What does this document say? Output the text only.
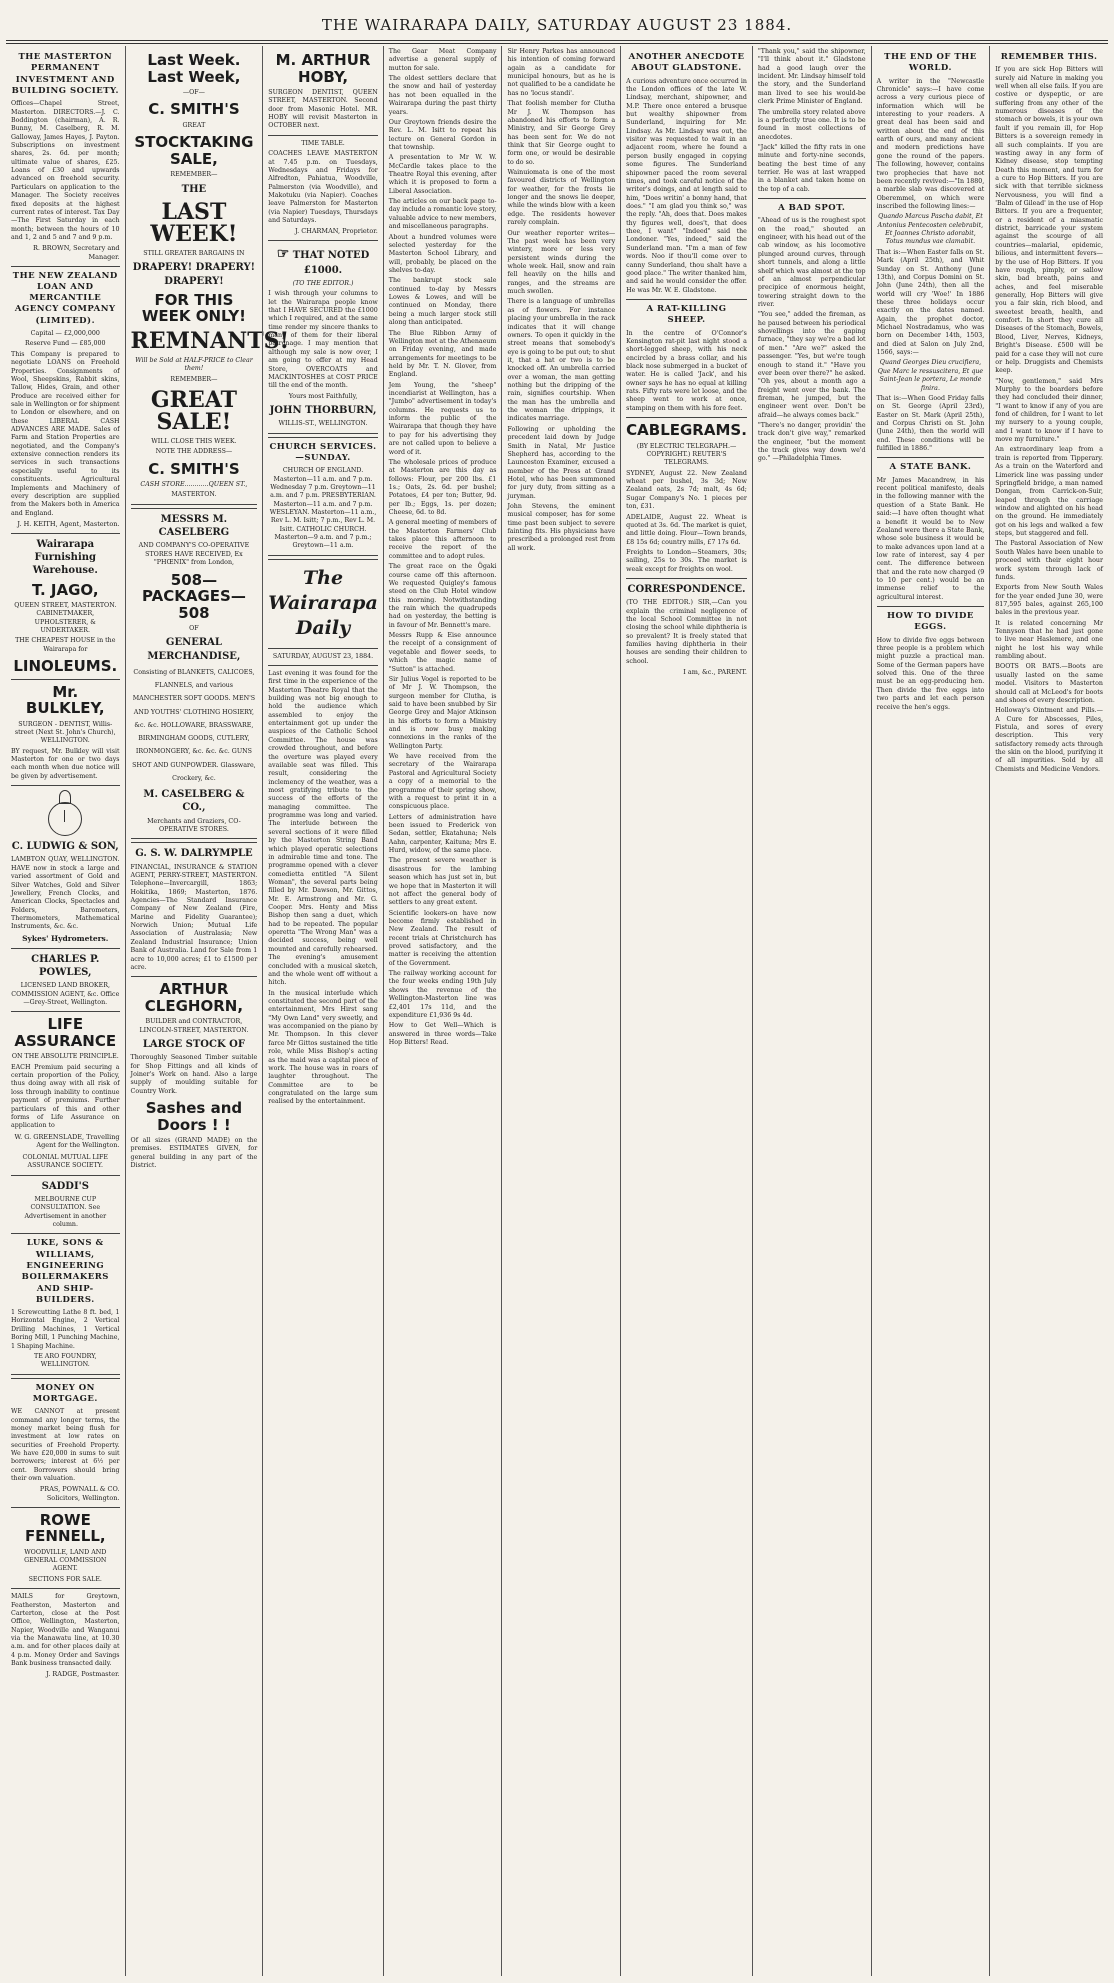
THE WAIRARAPA DAILY, SATURDAY AUGUST 23 1884.
THE MASTERTON PERMANENT INVESTMENT AND BUILDING SOCIETY.

Offices—Chapel Street, Masterton. DIRECTORS.—J. C. Boddington (chairman), A. R. Bunny, M. Caselberg, R. M. Galloway, James Hayes, J. Payton. Subscriptions on investment shares, 2s. 6d. per month; ultimate value of shares, £25. Loans of £30 and upwards advanced on freehold security. Particulars on application to the Manager. The Society receives fixed deposits at the highest current rates of interest. Tax Day—The First Saturday in each month; between the hours of 10 and 1, 2 and 5 and 7 and 9 p.m.

R. BROWN, Secretary and Manager.
THE NEW ZEALAND LOAN AND MERCANTILE AGENCY COMPANY (LIMITED).
Capital — £2,000,000
Reserve Fund — £85,000

This Company is prepared to negotiate LOANS on Freehold Properties. Consignments of Wool, Sheepskins, Rabbit skins, Tallow, Hides, Grain, and other Produce are received either for sale in Wellington or for shipment to London or elsewhere, and on these LIBERAL CASH ADVANCES ARE MADE. Sales of Farm and Station Properties are negotiated, and the Company's extensive connection renders its services in such transactions especially useful to its constituents. Agricultural Implements and Machinery of every description are supplied from the Makers both in America and England.

J. H. KEITH, Agent, Masterton.
Wairarapa Furnishing Warehouse.
T. JAGO,
QUEEN STREET, MASTERTON. CABINETMAKER, UPHOLSTERER, & UNDERTAKER.
THE CHEAPEST HOUSE in the Wairarapa for
LINOLEUMS.
Mr. BULKLEY,
SURGEON - DENTIST, Willis-street (Next St. John's Church), WELLINGTON.

BY request, Mr. Bulkley will visit Masterton for one or two days each month when due notice will be given by advertisement.

C. LUDWIG & SON,

LAMBTON QUAY, WELLINGTON. HAVE now in stock a large and varied assortment of Gold and Silver Watches, Gold and Silver Jewellery, French Clocks, and American Clocks, Spectacles and Folders, Barometers, Thermometers, Mathematical Instruments, &c. &c.

Sykes' Hydrometers.
CHARLES P. POWLES,
LICENSED LAND BROKER, COMMISSION AGENT, &c. Office—Grey-Street, Wellington.
LIFE ASSURANCE
ON THE ABSOLUTE PRINCIPLE.

EACH Premium paid securing a certain proportion of the Policy, thus doing away with all risk of loss through inability to continue payment of premiums. Further particulars of this and other forms of Life Assurance on application to

W. G. GREENSLADE, Travelling Agent for the Wellington.
COLONIAL MUTUAL LIFE ASSURANCE SOCIETY.
SADDI'S
MELBOURNE CUP CONSULTATION. See Advertisement in another column.
LUKE, SONS & WILLIAMS, ENGINEERING BOILERMAKERS AND SHIP-BUILDERS.

1 Screwcutting Lathe 8 ft. bed, 1 Horizontal Engine, 2 Vertical Drilling Machines, 1 Vertical Boring Mill, 1 Punching Machine, 1 Shaping Machine.

TE ARO FOUNDRY, WELLINGTON.
MONEY ON MORTGAGE.

WE CANNOT at present command any longer terms, the money market being flush for investment at low rates on securities of Freehold Property. We have £20,000 in sums to suit borrowers; interest at 6½ per cent. Borrowers should bring their own valuation.

PRAS, POWNALL & CO. Solicitors, Wellington.
ROWE FENNELL,
WOODVILLE, LAND AND GENERAL COMMISSION AGENT.
SECTIONS FOR SALE.

MAILS for Greytown, Featherston, Masterton and Carterton, close at the Post Office, Wellington, Masterton, Napier, Woodville and Wanganui via the Manawatu line, at 10.30 a.m. and for other places daily at 4 p.m. Money Order and Savings Bank business transacted daily.

J. RADGE, Postmaster.
Last Week. Last Week,
—OF—
C. SMITH'S
GREAT
STOCKTAKING SALE,
REMEMBER—
THE
LAST WEEK!
STILL GREATER BARGAINS IN
DRAPERY! DRAPERY! DRAPERY!
FOR THIS WEEK ONLY!
REMNANTS!
Will be Sold at HALF-PRICE to Clear them!
REMEMBER—
GREAT SALE!
WILL CLOSE THIS WEEK.
NOTE THE ADDRESS—
C. SMITH'S
CASH STORE............QUEEN ST.,
MASTERTON.
MESSRS M. CASELBERG
AND COMPANY'S CO-OPERATIVE STORES HAVE RECEIVED, Ex "PHŒNIX" from London,
508—PACKAGES—508
OF
GENERAL MERCHANDISE,
Consisting of BLANKETS, CALICOES, FLANNELS, and various MANCHESTER SOFT GOODS. MEN'S AND YOUTHS' CLOTHING HOSIERY, &c. &c. HOLLOWARE, BRASSWARE, BIRMINGHAM GOODS, CUTLERY, IRONMONGERY, &c. &c. &c. GUNS SHOT AND GUNPOWDER. Glassware, Crockery, &c.
M. CASELBERG & CO.,
Merchants and Graziers, CO-OPERATIVE STORES.
G. S. W. DALRYMPLE

FINANCIAL, INSURANCE & STATION AGENT, PERRY-STREET, MASTERTON. Telephone—Invercargill, 1863; Hokitika, 1869; Masterton, 1876. Agencies—The Standard Insurance Company of New Zealand (Fire, Marine and Fidelity Guarantee); Norwich Union; Mutual Life Association of Australasia; New Zealand Industrial Insurance; Union Bank of Australia. Land for Sale from 1 acre to 10,000 acres; £1 to £1500 per acre.

ARTHUR CLEGHORN,
BUILDER and CONTRACTOR, LINCOLN-STREET, MASTERTON.
LARGE STOCK OF

Thoroughly Seasoned Timber suitable for Shop Fittings and all kinds of Joiner's Work on hand. Also a large supply of moulding suitable for Country Work.

Sashes and Doors ! !

Of all sizes (GRAND MADE) on the premises. ESTIMATES GIVEN, for general building in any part of the District.

M. ARTHUR HOBY,

SURGEON DENTIST, QUEEN STREET, MASTERTON. Second door from Masonic Hotel. MR. HOBY will revisit Masterton in OCTOBER next.

TIME TABLE.

COACHES LEAVE MASTERTON at 7.45 p.m. on Tuesdays, Wednesdays and Fridays for Alfredton, Pahiatua, Woodville, Palmerston (via Woodville), and Makotuku (via Napier). Coaches leave Palmerston for Masterton (via Napier) Tuesdays, Thursdays and Saturdays.

J. CHARMAN, Proprietor.
☞ THAT NOTED £1000.
(TO THE EDITOR.)

I wish through your columns to let the Wairarapa people know that I HAVE SECURED the £1000 which I required, and at the same time render my sincere thanks to many of them for their liberal patronage. I may mention that although my sale is now over, I am going to offer at my Head Store, OVERCOATS and MACKINTOSHES at COST PRICE till the end of the month.

Yours most Faithfully,
JOHN THORBURN,
WILLIS-ST., WELLINGTON.
CHURCH SERVICES.—SUNDAY.
CHURCH OF ENGLAND. Masterton—11 a.m. and 7 p.m. Wednesday 7 p.m. Greytown—11 a.m. and 7 p.m. PRESBYTERIAN. Masterton—11 a.m. and 7 p.m. WESLEYAN. Masterton—11 a.m., Rev L. M. Isitt; 7 p.m., Rev L. M. Isitt. CATHOLIC CHURCH. Masterton—9 a.m. and 7 p.m.; Greytown—11 a.m.
The Wairarapa Daily
SATURDAY, AUGUST 23, 1884.

Last evening it was found for the first time in the experience of the Masterton Theatre Royal that the building was not big enough to hold the audience which assembled to enjoy the entertainment got up under the auspices of the Catholic School Committee. The house was crowded throughout, and before the overture was played every available seat was filled. This result, considering the inclemency of the weather, was a most gratifying tribute to the success of the efforts of the managing committee. The programme was long and varied. The interlude between the several sections of it were filled by the Masterton String Band which played operatic selections in admirable time and tone. The programme opened with a clever comedietta entitled "A Silent Woman", the several parts being filled by Mr. Dawson, Mr. Gittos, Mr. E. Armstrong and Mr. G. Cooper. Mrs. Henty and Miss Bishop then sang a duet, which had to be repeated. The popular operetta "The Wrong Man" was a decided success, being well mounted and carefully rehearsed. The evening's amusement concluded with a musical sketch, and the whole went off without a hitch.

In the musical interlude which constituted the second part of the entertainment, Mrs Hirst sang "My Own Land" very sweetly, and was accompanied on the piano by Mr. Thompson. In this clever farce Mr Gittos sustained the title role, while Miss Bishop's acting as the maid was a capital piece of work. The house was in roars of laughter throughout. The Committee are to be congratulated on the large sum realised by the entertainment.

The Gear Meat Company advertise a general supply of mutton for sale.

The oldest settlers declare that the snow and hail of yesterday has not been equalled in the Wairarapa during the past thirty years.

Our Greytown friends desire the Rev. L. M. Isitt to repeat his lecture on General Gordon in that township.

A presentation to Mr W. W. McCardle takes place to the Theatre Royal this evening, after which it is proposed to form a Liberal Association.

The articles on our back page to-day include a romantic love story, valuable advice to new members, and miscellaneous paragraphs.

About a hundred volumes were selected yesterday for the Masterton School Library, and will, probably, be placed on the shelves to-day.

The bankrupt stock sale continued to-day by Messrs Lowes & Lowes, and will be continued on Monday, there being a much larger stock still along than anticipated.

The Blue Ribbon Army of Wellington met at the Athenaeum on Friday evening, and made arrangements for meetings to be held by Mr. T. N. Glover, from England.

Jem Young, the "sheep" incendiarist at Wellington, has a "Jumbo" advertisement in today's columns. He requests us to inform the public of the Wairarapa that though they have to pay for his advertising they are not called upon to believe a word of it.

The wholesale prices of produce at Masterton are this day as follows: Flour, per 200 lbs. £1 1s.; Oats, 2s. 6d. per bushel; Potatoes, £4 per ton; Butter, 9d. per lb.; Eggs, 1s. per dozen; Cheese, 6d. to 8d.

A general meeting of members of the Masterton Farmers' Club takes place this afternoon to receive the report of the committee and to adopt rules.

The great race on the Ögaki course came off this afternoon. We requested Quigley's famous steed on the Club Hotel window this morning. Notwithstanding the rain which the quadrupeds had on yesterday, the betting is in favour of Mr. Bennett's mare.

Messrs Rupp & Eise announce the receipt of a consignment of vegetable and flower seeds, to which the magic name of "Sutton" is attached.

Sir Julius Vogel is reported to be of Mr J. W. Thompson, the surgeon member for Clutha, is said to have been snubbed by Sir George Grey and Major Atkinson in his efforts to form a Ministry and is now busy making connexions in the ranks of the Wellington Party.

We have received from the secretary of the Wairarapa Pastoral and Agricultural Society a copy of a memorial to the programme of their spring show, with a request to print it in a conspicuous place.

Letters of administration have been issued to Frederick von Sedan, settler, Ekatahuna; Nels Aahn, carpenter, Kaituna; Mrs E. Hurd, widow, of the same place.

The present severe weather is disastrous for the lambing season which has just set in, but we hope that in Masterton it will not affect the general body of settlers to any great extent.

Scientific lookers-on have now become firmly established in New Zealand. The result of recent trials at Christchurch has proved satisfactory, and the matter is receiving the attention of the Government.

The railway working account for the four weeks ending 19th July shows the revenue of the Wellington-Masterton line was £2,401 17s 11d, and the expenditure £1,936 9s 4d.

How to Get Well—Which is answered in three words—Take Hop Bitters! Read.

Sir Henry Parkes has announced his intention of coming forward again as a candidate for municipal honours, but as he is not qualified to be a candidate he has no 'locus standi'.

That foolish member for Clutha Mr J. W. Thompson has abandoned his efforts to form a Ministry, and Sir George Grey has been sent for. We do not think that Sir George ought to form one, or would be desirable to do so.

Wainuiomata is one of the most favoured districts of Wellington for weather, for the frosts lie longer and the snows lie deeper, while the winds blow with a keen edge. The residents however rarely complain.

Our weather reporter writes—The past week has been very wintery, more or less very persistent winds during the whole week. Hail, snow and rain fell heavily on the hills and ranges, and the streams are much swollen.

There is a language of umbrellas as of flowers. For instance placing your umbrella in the rack indicates that it will change owners. To open it quickly in the street means that somebody's eye is going to be put out; to shut it, that a hat or two is to be knocked off. An umbrella carried over a woman, the man getting nothing but the dripping of the rain, signifies courtship. When the man has the umbrella and the woman the drippings, it indicates marriage.

Following or upholding the precedent laid down by Judge Smith in Natal, Mr Justice Shepherd has, according to the Launceston Examiner, excused a member of the Press at Grand Hotel, who has been summoned for jury duty, from sitting as a juryman.

John Stevens, the eminent musical composer, has for some time past been subject to severe fainting fits. His physicians have prescribed a prolonged rest from all work.

ANOTHER ANECDOTE ABOUT GLADSTONE.

A curious adventure once occurred in the London offices of the late W. Lindsay, merchant, shipowner, and M.P. There once entered a brusque but wealthy shipowner from Sunderland, inquiring for Mr. Lindsay. As Mr. Lindsay was out, the visitor was requested to wait in an adjacent room, where he found a person busily engaged in copying some figures. The Sunderland shipowner paced the room several times, and took careful notice of the writer's doings, and at length said to him, "Does writin' a bonny hand, that does." "I am glad you think so," was the reply. "Ah, does that. Does makes thy figures well, does't, that does thee, I want" "Indeed" said the Londoner. "Yes, indeed," said the Sunderland man. "I'm a man of few words. Noo if thou'll come over to canny Sunderland, thou shalt have a good place." The writer thanked him, and said he would consider the offer. He was Mr. W. E. Gladstone.

A RAT-KILLING SHEEP.

In the centre of O'Connor's Kensington rat-pit last night stood a short-legged sheep, with his neck encircled by a brass collar, and his black nose submerged in a bucket of water. He is called 'Jack', and his owner says he has no equal at killing rats. Fifty rats were let loose, and the sheep went to work at once, stamping on them with his fore feet.

CABLEGRAMS.
(BY ELECTRIC TELEGRAPH.—COPYRIGHT.) REUTER'S TELEGRAMS.

SYDNEY, August 22. New Zealand wheat per bushel, 3s 3d; New Zealand oats, 2s 7d; malt, 4s 6d; Sugar Company's No. 1 pieces per ton, £31.

ADELAIDE, August 22. Wheat is quoted at 3s. 6d. The market is quiet, and little doing. Flour—Town brands, £8 15s 6d; country mills, £7 17s 6d.

Freights to London—Steamers, 30s; sailing, 25s to 30s. The market is weak except for freights on wool.

CORRESPONDENCE.

(TO THE EDITOR.) SIR,—Can you explain the criminal negligence of the local School Committee in not closing the school while diphtheria is so prevalent? It is freely stated that families having diphtheria in their houses are sending their children to school.

I am, &c., PARENT.

"Thank you," said the shipowner, "I'll think about it." Gladstone had a good laugh over the incident. Mr. Lindsay himself told the story, and the Sunderland man lived to see his would-be clerk Prime Minister of England.

The umbrella story related above is a perfectly true one. It is to be found in most collections of anecdotes.

"Jack" killed the fifty rats in one minute and forty-nine seconds, beating the best time of any terrier. He was at last wrapped in a blanket and taken home on the top of a cab.

A BAD SPOT.

"Ahead of us is the roughest spot on the road," shouted an engineer, with his head out of the cab window, as his locomotive plunged around curves, through short tunnels, and along a little shelf which was almost at the top of an almost perpendicular precipice of enormous height, towering straight down to the river.

"You see," added the fireman, as he paused between his periodical shovellings into the gaping furnace, "they say we're a bad lot of men." "Are we?" asked the passenger. "Yes, but we're tough enough to stand it." "Have you ever been over there?" he asked. "Oh yes, about a month ago a freight went over the bank. The fireman, he jumped, but the engineer went over. Don't be afraid—he always comes back."

"There's no danger, providin' the track don't give way," remarked the engineer, "but the moment the track gives way down we'd go." —Philadelphia Times.

THE END OF THE WORLD.

A writer in the "Newcastle Chronicle" says:—I have come across a very curious piece of information which will be interesting to your readers. A great deal has been said and written about the end of this earth of ours, and many ancient and modern predictions have gone the round of the papers. The following, however, contains two prophecies that have not been recently revived:—"In 1880, a marble slab was discovered at Oberemmel, on which were inscribed the following lines:—

Quando Marcus Pascha dabit, Et Antonius Pentecosten celebrabit, Et Joannes Christo adorabit, Totus mundus vae clamabit.

That is:—When Easter falls on St. Mark (April 25th), and Whit Sunday on St. Anthony (June 13th), and Corpus Domini on St. John (June 24th), then all the world will cry 'Woe!' In 1886 these three holidays occur exactly on the dates named. Again, the prophet doctor, Michael Nostradamus, who was born on December 14th, 1503, and died at Salon on July 2nd, 1566, says:—

Quand Georges Dieu crucifiera, Que Marc le ressuscitera, Et que Saint-Jean le portera, Le monde finira.

That is:—When Good Friday falls on St. George (April 23rd), Easter on St. Mark (April 25th), and Corpus Christi on St. John (June 24th), then the world will end. These conditions will be fulfilled in 1886."

A STATE BANK.

Mr James Macandrew, in his recent political manifesto, deals in the following manner with the question of a State Bank. He said:—I have often thought what a benefit it would be to New Zealand were there a State Bank, whose sole business it would be to make advances upon land at a low rate of interest, say 4 per cent. The difference between that and the rate now charged (9 to 10 per cent.) would be an immense relief to the agricultural interest.

HOW TO DIVIDE EGGS.

How to divide five eggs between three people is a problem which might puzzle a practical man. Some of the German papers have solved this. One of the three must be an egg-producing hen. Then divide the five eggs into two parts and let each person receive the hen's eggs.

REMEMBER THIS.

If you are sick Hop Bitters will surely aid Nature in making you well when all else fails. If you are costive or dyspeptic, or are suffering from any other of the numerous diseases of the stomach or bowels, it is your own fault if you remain ill, for Hop Bitters is a sovereign remedy in all such complaints. If you are wasting away in any form of Kidney disease, stop tempting Death this moment, and turn for a cure to Hop Bitters. If you are sick with that terrible sickness Nervousness, you will find a 'Balm of Gilead' in the use of Hop Bitters. If you are a frequenter, or a resident of a miasmatic district, barricade your system against the scourge of all countries—malarial, epidemic, bilious, and intermittent fevers—by the use of Hop Bitters. If you have rough, pimply, or sallow skin, bad breath, pains and aches, and feel miserable generally, Hop Bitters will give you a fair skin, rich blood, and sweetest breath, health, and comfort. In short they cure all Diseases of the Stomach, Bowels, Blood, Liver, Nerves, Kidneys, Bright's Disease. £500 will be paid for a case they will not cure or help. Druggists and Chemists keep.

"Now, gentlemen," said Mrs Murphy to the boarders before they had concluded their dinner, "I want to know if any of you are fond of children, for I want to let my nursery to a young couple, and I want to know if I have to move my furniture."

An extraordinary leap from a train is reported from Tipperary. As a train on the Waterford and Limerick line was passing under Springfield bridge, a man named Dongan, from Carrick-on-Suir, leaped through the carriage window and alighted on his head on the ground. He immediately got on his legs and walked a few steps, but staggered and fell.

The Pastoral Association of New South Wales have been unable to proceed with their eight hour work system through lack of funds.

Exports from New South Wales for the year ended June 30, were 817,595 bales, against 265,100 bales in the previous year.

It is related concerning Mr Tennyson that he had just gone to live near Haslemere, and one night he lost his way while rambling about.

BOOTS OR BATS.—Boots are usually lasted on the same model. Visitors to Masterton should call at McLeod's for boots and shoes of every description.

Holloway's Ointment and Pills.—A Cure for Abscesses, Piles, Fistula, and sores of every description. This very satisfactory remedy acts through the skin on the blood, purifying it of all impurities. Sold by all Chemists and Medicine Vendors.
